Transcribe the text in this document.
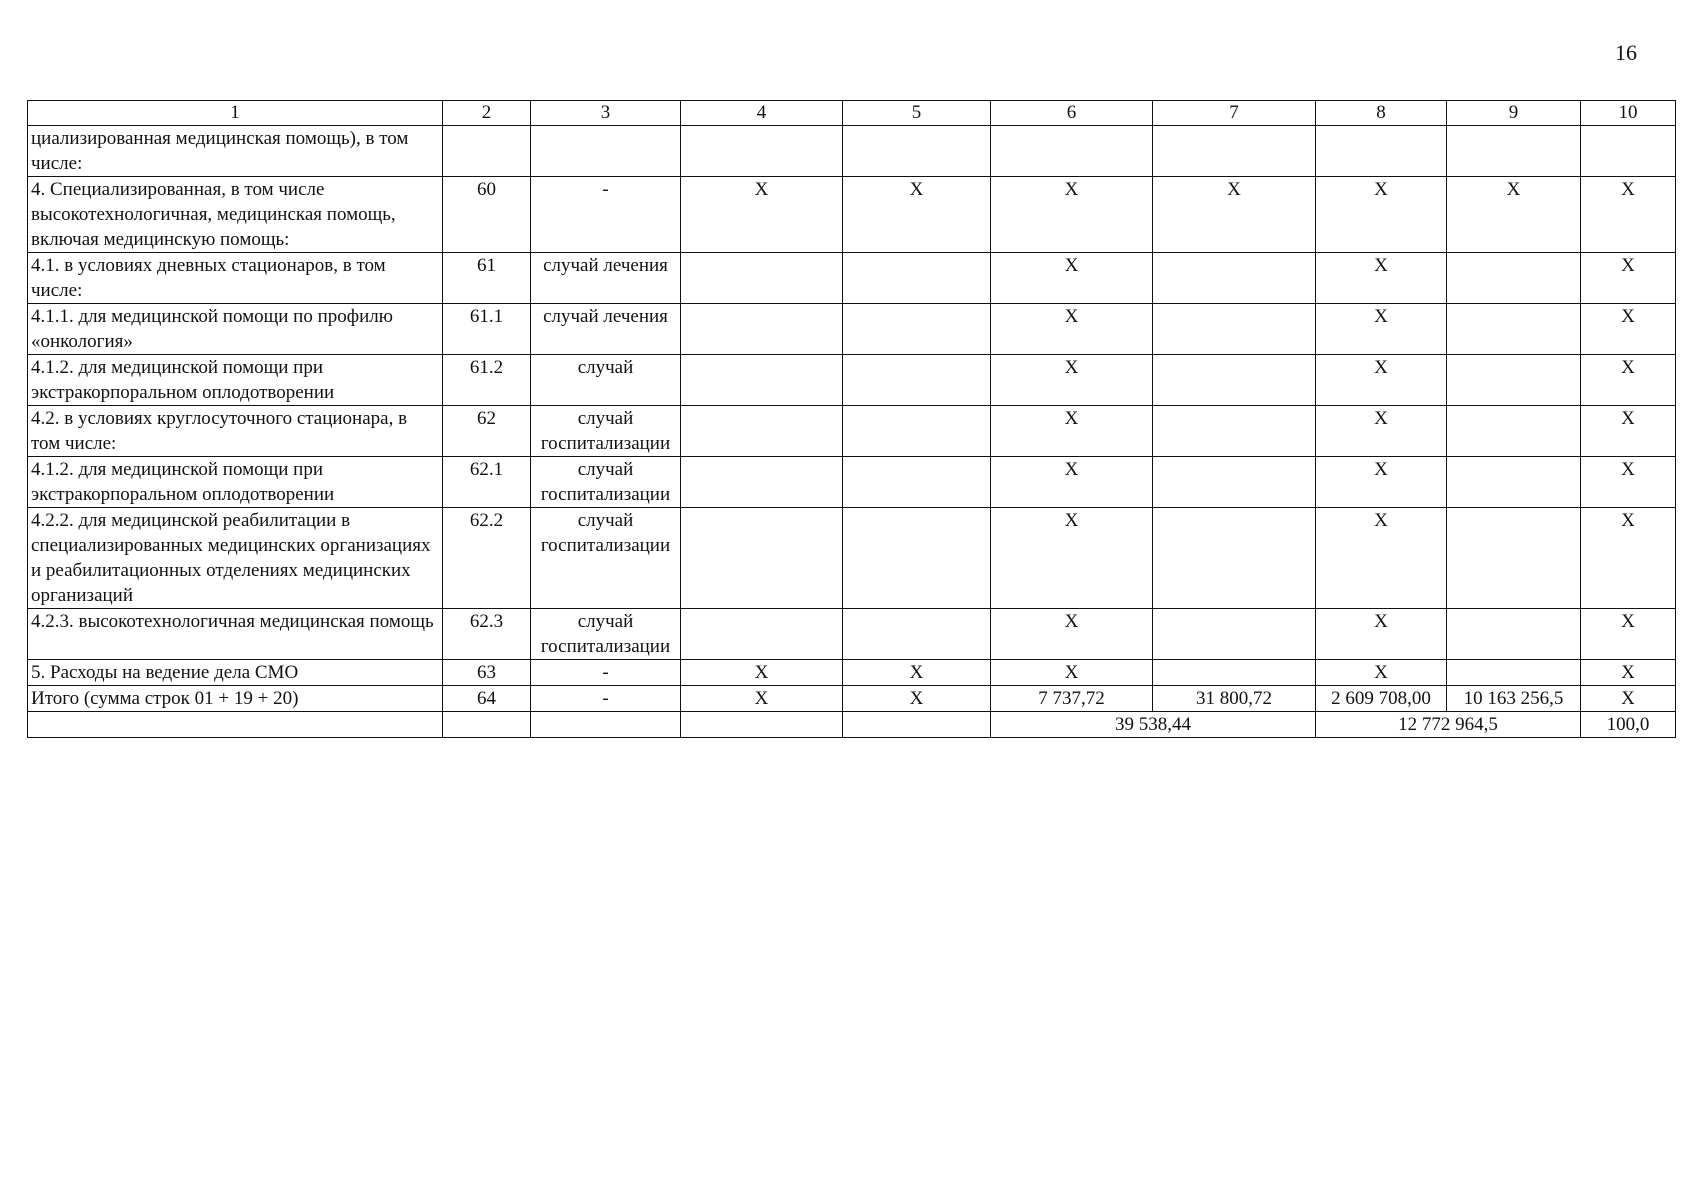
16
1	2	3	4	5	6	7	8	9	10
циализированная медицинская помощь), в том числе:									
4. Специализированная, в том числе высокотехнологичная, медицинская помощь, включая медицинскую помощь:	60	-	Х	Х	Х	Х	Х	Х	Х
4.1. в условиях дневных стационаров, в том числе:	61	случай лечения			Х		Х		Х
4.1.1. для медицинской помощи по профилю «онкология»	61.1	случай лечения			Х		Х		Х
4.1.2. для медицинской помощи при экстракорпоральном оплодотворении	61.2	случай			Х		Х		Х
4.2. в условиях круглосуточного стационара, в том числе:	62	случай госпитализации			Х		Х		Х
4.1.2. для медицинской помощи при экстракорпоральном оплодотворении	62.1	случай госпитализации			Х		Х		Х
4.2.2. для медицинской реабилитации в специализированных медицинских организациях и реабилитационных отделениях медицинских организаций	62.2	случай госпитализации			Х		Х		Х
4.2.3. высокотехнологичная медицинская помощь	62.3	случай госпитализации			Х		Х		Х
5. Расходы на ведение дела СМО	63	-	Х	Х	Х		Х		Х
Итого (сумма строк 01 + 19 + 20)	64	-	Х	Х	7 737,72	31 800,72	2 609 708,00	10 163 256,5	Х
					39 538,44		12 772 964,5		100,0
